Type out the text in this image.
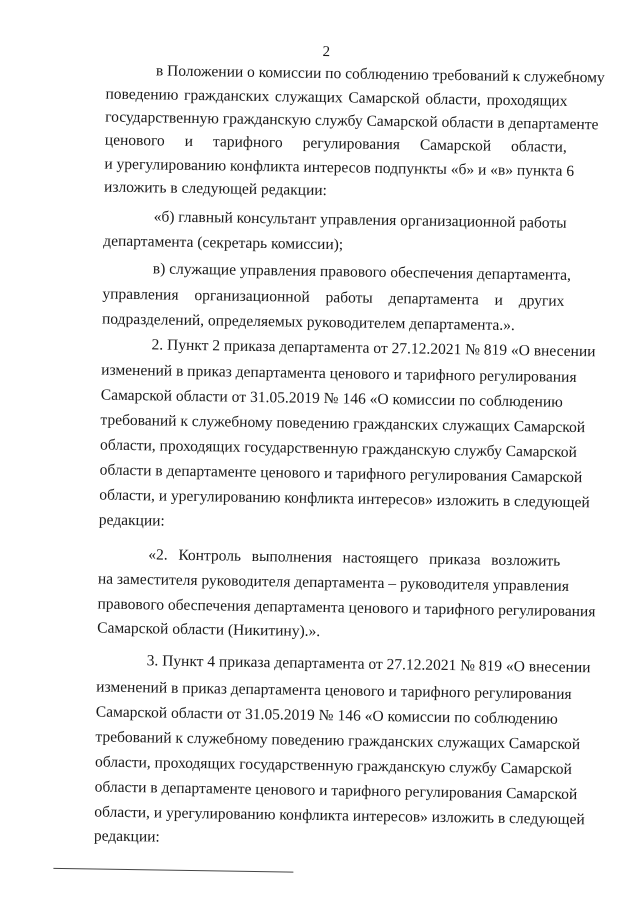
2
в Положении о комиссии по соблюдению требований к служебному
поведению гражданских служащих Самарской области, проходящих
государственную гражданскую службу Самарской области в департаменте
ценового и тарифного регулирования Самарской области,
и урегулированию конфликта интересов подпункты «б» и «в» пункта 6
изложить в следующей редакции:
«б) главный консультант управления организационной работы
департамента (секретарь комиссии);
в) служащие управления правового обеспечения департамента,
управления организационной работы департамента и других
подразделений, определяемых руководителем департамента.».
2. Пункт 2 приказа департамента от 27.12.2021 № 819 «О внесении
изменений в приказ департамента ценового и тарифного регулирования
Самарской области от 31.05.2019 № 146 «О комиссии по соблюдению
требований к служебному поведению гражданских служащих Самарской
области, проходящих государственную гражданскую службу Самарской
области в департаменте ценового и тарифного регулирования Самарской
области, и урегулированию конфликта интересов» изложить в следующей
редакции:
«2. Контроль выполнения настоящего приказа возложить
на заместителя руководителя департамента – руководителя управления
правового обеспечения департамента ценового и тарифного регулирования
Самарской области (Никитину).».
3. Пункт 4 приказа департамента от 27.12.2021 № 819 «О внесении
изменений в приказ департамента ценового и тарифного регулирования
Самарской области от 31.05.2019 № 146 «О комиссии по соблюдению
требований к служебному поведению гражданских служащих Самарской
области, проходящих государственную гражданскую службу Самарской
области в департаменте ценового и тарифного регулирования Самарской
области, и урегулированию конфликта интересов» изложить в следующей
редакции:
